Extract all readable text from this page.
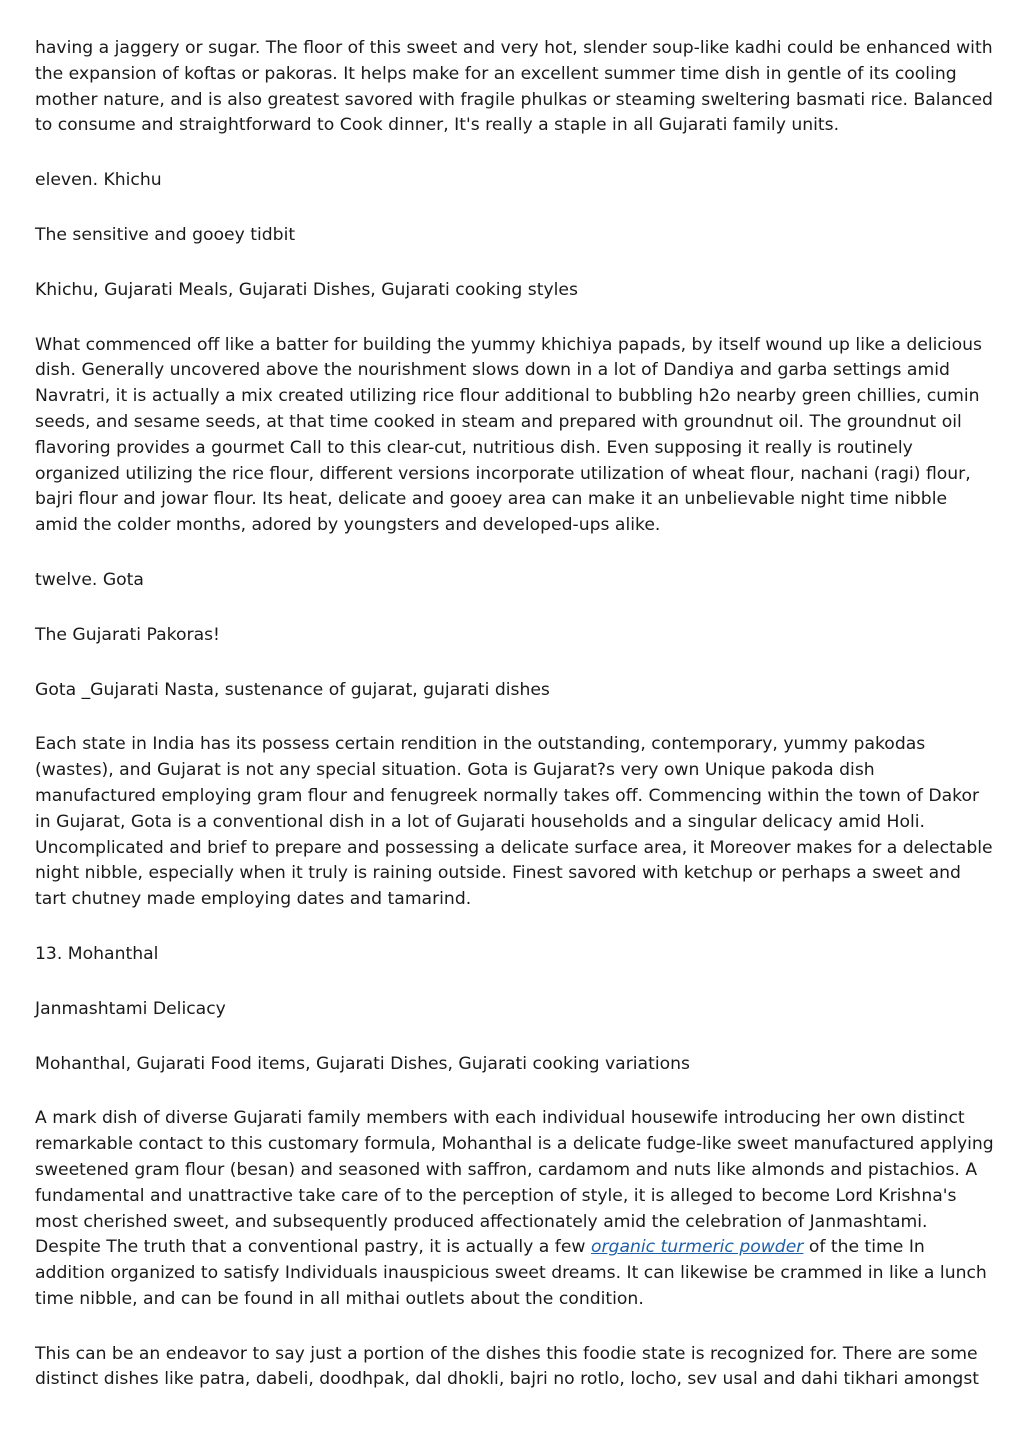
having a jaggery or sugar. The floor of this sweet and very hot, slender soup-like kadhi could be enhanced with the expansion of koftas or pakoras. It helps make for an excellent summer time dish in gentle of its cooling mother nature, and is also greatest savored with fragile phulkas or steaming sweltering basmati rice. Balanced to consume and straightforward to Cook dinner, It's really a staple in all Gujarati family units.

eleven. Khichu

The sensitive and gooey tidbit

Khichu, Gujarati Meals, Gujarati Dishes, Gujarati cooking styles

What commenced off like a batter for building the yummy khichiya papads, by itself wound up like a delicious dish. Generally uncovered above the nourishment slows down in a lot of Dandiya and garba settings amid Navratri, it is actually a mix created utilizing rice flour additional to bubbling h2o nearby green chillies, cumin seeds, and sesame seeds, at that time cooked in steam and prepared with groundnut oil. The groundnut oil flavoring provides a gourmet Call to this clear-cut, nutritious dish. Even supposing it really is routinely organized utilizing the rice flour, different versions incorporate utilization of wheat flour, nachani (ragi) flour, bajri flour and jowar flour. Its heat, delicate and gooey area can make it an unbelievable night time nibble amid the colder months, adored by youngsters and developed-ups alike.

twelve. Gota

The Gujarati Pakoras!

Gota _Gujarati Nasta, sustenance of gujarat, gujarati dishes

Each state in India has its possess certain rendition in the outstanding, contemporary, yummy pakodas (wastes), and Gujarat is not any special situation. Gota is Gujarat?s very own Unique pakoda dish manufactured employing gram flour and fenugreek normally takes off. Commencing within the town of Dakor in Gujarat, Gota is a conventional dish in a lot of Gujarati households and a singular delicacy amid Holi. Uncomplicated and brief to prepare and possessing a delicate surface area, it Moreover makes for a delectable night nibble, especially when it truly is raining outside. Finest savored with ketchup or perhaps a sweet and tart chutney made employing dates and tamarind.

13. Mohanthal

Janmashtami Delicacy

Mohanthal, Gujarati Food items, Gujarati Dishes, Gujarati cooking variations

A mark dish of diverse Gujarati family members with each individual housewife introducing her own distinct remarkable contact to this customary formula, Mohanthal is a delicate fudge-like sweet manufactured applying sweetened gram flour (besan) and seasoned with saffron, cardamom and nuts like almonds and pistachios. A fundamental and unattractive take care of to the perception of style, it is alleged to become Lord Krishna's most cherished sweet, and subsequently produced affectionately amid the celebration of Janmashtami. Despite The truth that a conventional pastry, it is actually a few organic turmeric powder of the time In addition organized to satisfy Individuals inauspicious sweet dreams. It can likewise be crammed in like a lunch time nibble, and can be found in all mithai outlets about the condition.

This can be an endeavor to say just a portion of the dishes this foodie state is recognized for. There are some distinct dishes like patra, dabeli, doodhpak, dal dhokli, bajri no rotlo, locho, sev usal and dahi tikhari amongst
